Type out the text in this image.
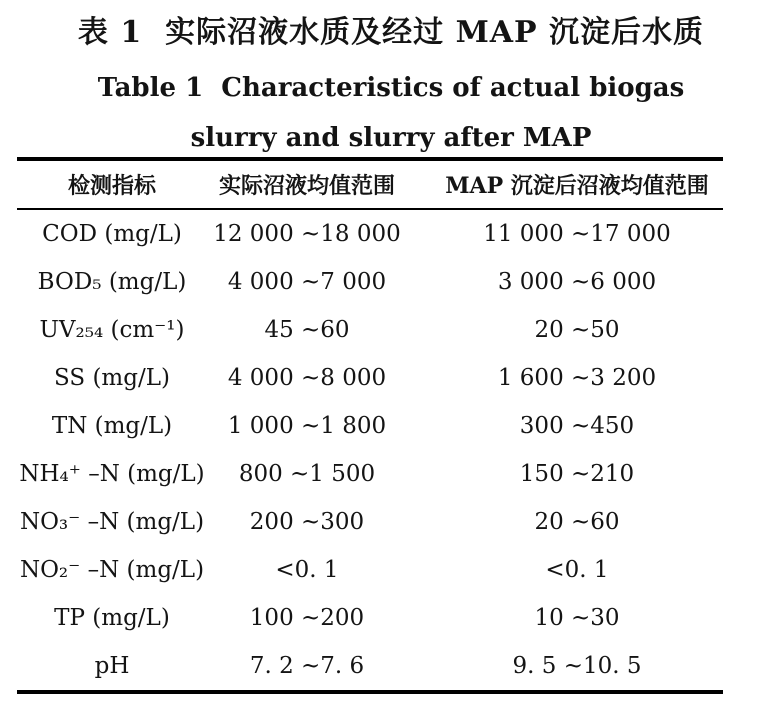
表 1  实际沼液水质及经过 MAP 沉淀后水质
Table 1  Characteristics of actual biogas
slurry and slurry after MAP
检测指标	实际沼液均值范围	MAP 沉淀后沼液均值范围
COD (mg/L)	12 000 ~18 000	11 000 ~17 000
BOD₅ (mg/L)	4 000 ~7 000	3 000 ~6 000
UV₂₅₄ (cm⁻¹)	45 ~60	20 ~50
SS (mg/L)	4 000 ~8 000	1 600 ~3 200
TN (mg/L)	1 000 ~1 800	300 ~450
NH₄⁺ –N (mg/L)	800 ~1 500	150 ~210
NO₃⁻ –N (mg/L)	200 ~300	20 ~60
NO₂⁻ –N (mg/L)	<0. 1	<0. 1
TP (mg/L)	100 ~200	10 ~30
pH	7. 2 ~7. 6	9. 5 ~10. 5
